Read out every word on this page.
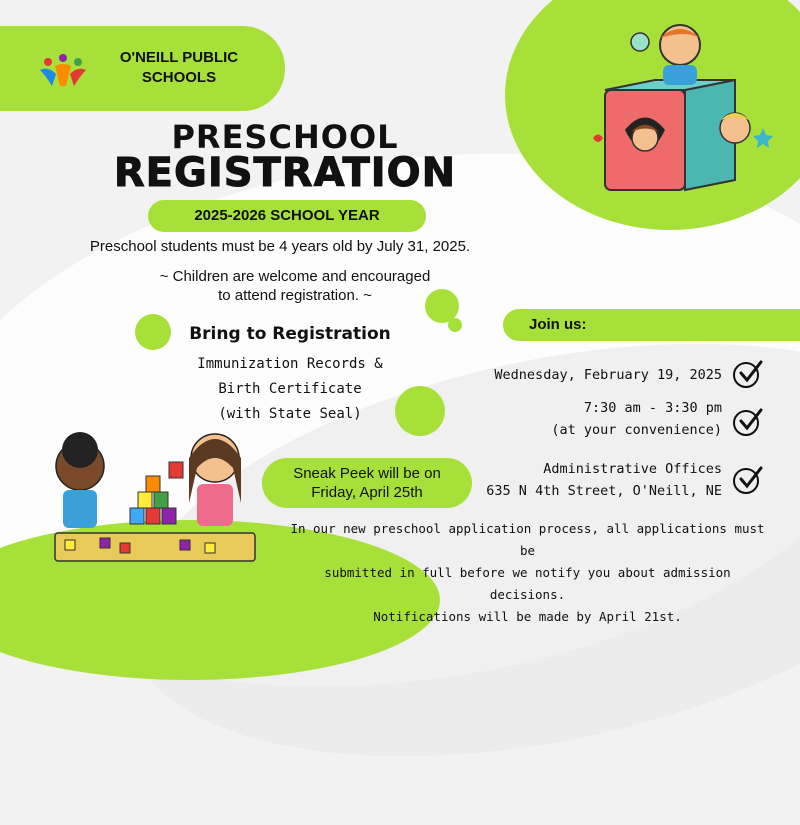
O'NEILL PUBLIC SCHOOLS
PRESCHOOL
REGISTRATION
2025-2026 SCHOOL YEAR
Preschool students must be 4 years old by July 31, 2025.
~ Children are welcome and encouraged
to attend registration. ~
Bring to Registration
Immunization Records &
Birth Certificate
(with State Seal)
Join us:
Wednesday, February 19, 2025
7:30 am - 3:30 pm
(at your convenience)
Administrative Offices
635 N 4th Street, O'Neill, NE
Sneak Peek will be on
Friday, April 25th
In our new preschool application process, all applications must be
submitted in full before we notify you about admission decisions.
Notifications will be made by April 21st.
